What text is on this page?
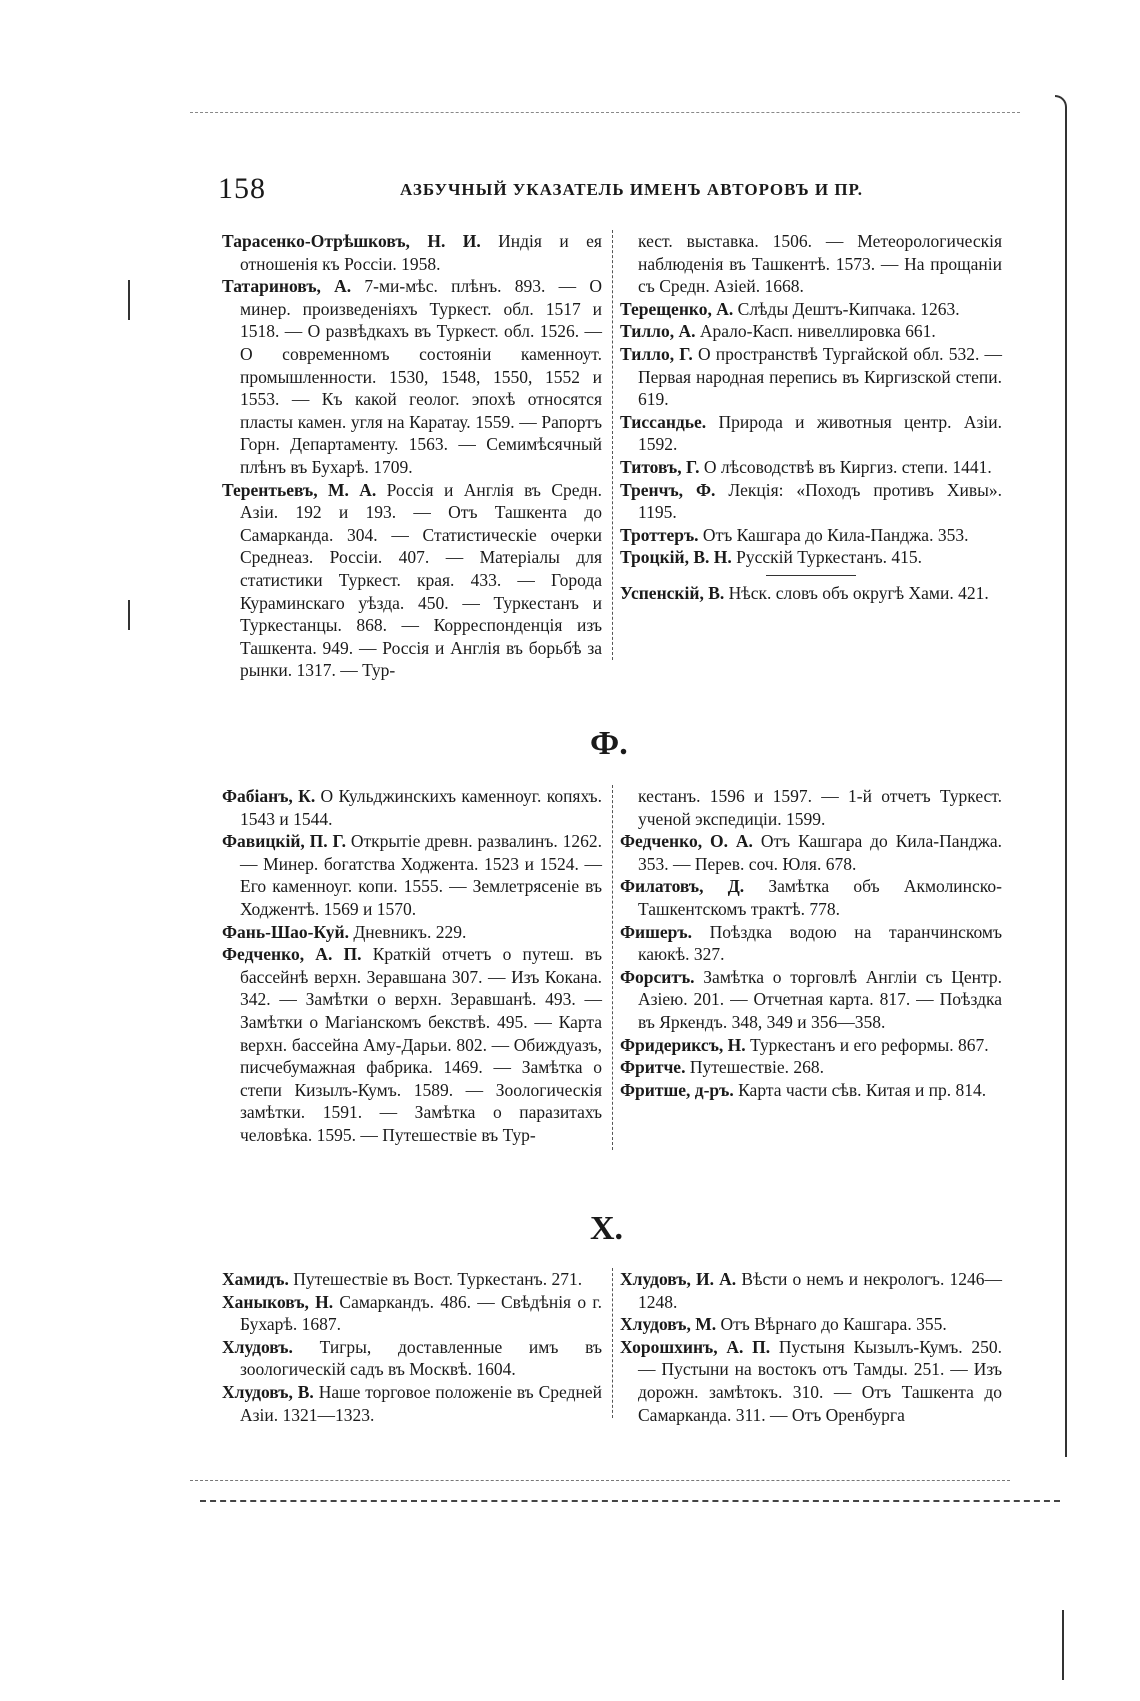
158	АЗБУЧНЫЙ УКАЗАТЕЛЬ ИМЕНЪ АВТОРОВЪ И ПР.

Тарасенко-Отрѣшковъ, Н. И. Индія и ея отношенія къ Россіи. 1958.

Татариновъ, А. 7-ми-мѣс. плѣнъ. 893. — О минер. произведеніяхъ Туркест. обл. 1517 и 1518. — О развѣдкахъ въ Туркест. обл. 1526. — О современномъ состояніи каменноут. промышленности. 1530, 1548, 1550, 1552 и 1553. — Къ какой геолог. эпохѣ относятся пласты камен. угля на Каратау. 1559. — Рапортъ Горн. Департаменту. 1563. — Семимѣсячный плѣнъ въ Бухарѣ. 1709.

Терентьевъ, М. А. Россія и Англія въ Средн. Азіи. 192 и 193. — Отъ Ташкента до Самарканда. 304. — Статистическіе очерки Среднеаз. Россіи. 407. — Матеріалы для статистики Туркест. края. 433. — Города Кураминскаго уѣзда. 450. — Туркестанъ и Туркестанцы. 868. — Корреспонденція изъ Ташкента. 949. — Россія и Англія въ борьбѣ за рынки. 1317. — Тур-

кест. выставка. 1506. — Метеорологическія наблюденія въ Ташкентѣ. 1573. — На прощаніи съ Средн. Азіей. 1668.

Терещенко, А. Слѣды Дештъ-Кипчака. 1263.

Тилло, А. Арало-Касп. нивеллировка 661.

Тилло, Г. О пространствѣ Тургайской обл. 532. — Первая народная перепись въ Киргизской степи. 619.

Тиссандье. Природа и животныя центр. Азіи. 1592.

Титовъ, Г. О лѣсоводствѣ въ Киргиз. степи. 1441.

Тренчъ, Ф. Лекція: «Походъ противъ Хивы». 1195.

Троттеръ. Отъ Кашгара до Кила-Панджа. 353.

Троцкій, В. Н. Русскій Туркестанъ. 415.

Успенскій, В. Нѣск. словъ объ округѣ Хами. 421.

Ф.

Фабіанъ, К. О Кульджинскихъ каменноуг. копяхъ. 1543 и 1544.

Фавицкій, П. Г. Открытіе древн. развалинъ. 1262. — Минер. богатства Ходжента. 1523 и 1524. — Его каменноуг. копи. 1555. — Землетрясеніе въ Ходжентѣ. 1569 и 1570.

Фань-Шао-Куй. Дневникъ. 229.

Федченко, А. П. Краткій отчетъ о путеш. въ бассейнѣ верхн. Зеравшана 307. — Изъ Кокана. 342. — Замѣтки о верхн. Зеравшанѣ. 493. — Замѣтки о Магіанскомъ бекствѣ. 495. — Карта верхн. бассейна Аму-Дарьи. 802. — Обиждуазъ, писчебумажная фабрика. 1469. — Замѣтка о степи Кизылъ-Кумъ. 1589. — Зоологическія замѣтки. 1591. — Замѣтка о паразитахъ человѣка. 1595. — Путешествіе въ Тур-

кестанъ. 1596 и 1597. — 1-й отчетъ Туркест. ученой экспедиціи. 1599.

Федченко, О. А. Отъ Кашгара до Кила-Панджа. 353. — Перев. соч. Юля. 678.

Филатовъ, Д. Замѣтка объ Акмолинско-Ташкентскомъ трактѣ. 778.

Фишеръ. Поѣздка водою на таранчинскомъ каюкѣ. 327.

Форситъ. Замѣтка о торговлѣ Англіи съ Центр. Азіею. 201. — Отчетная карта. 817. — Поѣздка въ Яркендъ. 348, 349 и 356—358.

Фридериксъ, Н. Туркестанъ и его реформы. 867.

Фритче. Путешествіе. 268.

Фритше, д-ръ. Карта части сѣв. Китая и пр. 814.

Х.

Хамидъ. Путешествіе въ Вост. Туркестанъ. 271.

Ханыковъ, Н. Самаркандъ. 486. — Свѣдѣнія о г. Бухарѣ. 1687.

Хлудовъ. Тигры, доставленные имъ въ зоологическій садъ въ Москвѣ. 1604.

Хлудовъ, В. Наше торговое положеніе въ Средней Азіи. 1321—1323.

Хлудовъ, И. А. Вѣсти о немъ и некрологъ. 1246—1248.

Хлудовъ, М. Отъ Вѣрнаго до Кашгара. 355.

Хорошхинъ, А. П. Пустыня Кызылъ-Кумъ. 250. — Пустыни на востокъ отъ Тамды. 251. — Изъ дорожн. замѣтокъ. 310. — Отъ Ташкента до Самарканда. 311. — Отъ Оренбурга
